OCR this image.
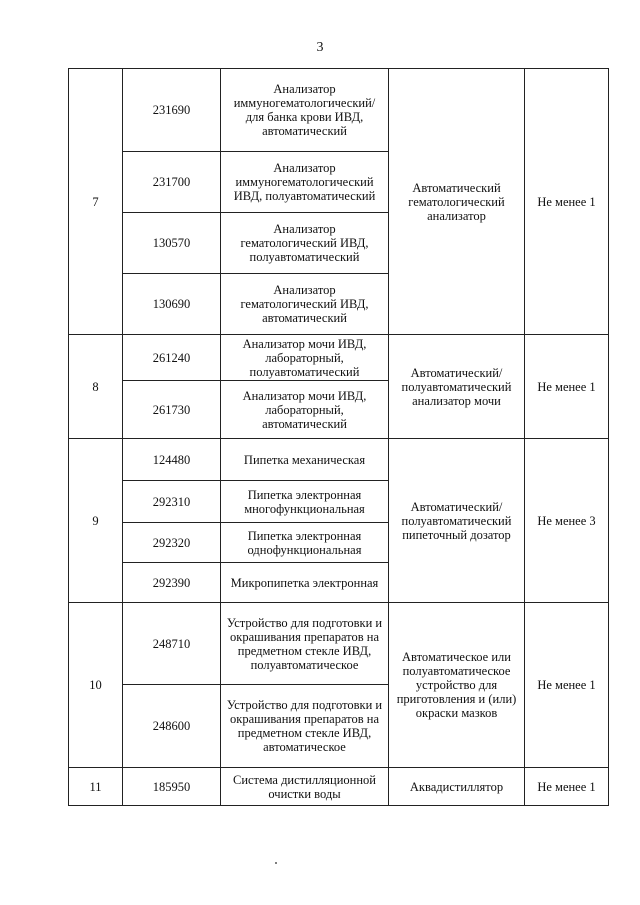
3
7	231690	Анализатор иммуногематологический/ для банка крови ИВД, автоматический	Автоматический гематологический анализатор	Не менее 1
	231700	Анализатор иммуногематологический ИВД, полуавтоматический		
	130570	Анализатор гематологический ИВД, полуавтоматический		
	130690	Анализатор гематологический ИВД, автоматический		
8	261240	Анализатор мочи ИВД, лабораторный, полуавтоматический	Автоматический/ полуавтоматический анализатор мочи	Не менее 1
	261730	Анализатор мочи ИВД, лабораторный, автоматический		
9	124480	Пипетка механическая	Автоматический/ полуавтоматический пипеточный дозатор	Не менее 3
	292310	Пипетка электронная многофункциональная		
	292320	Пипетка электронная однофункциональная		
	292390	Микропипетка электронная		
10	248710	Устройство для подготовки и окрашивания препаратов на предметном стекле ИВД, полуавтоматическое	Автоматическое или полуавтоматическое устройство для приготовления и (или) окраски мазков	Не менее 1
	248600	Устройство для подготовки и окрашивания препаратов на предметном стекле ИВД, автоматическое		
11	185950	Система дистилляционной очистки воды	Аквадистиллятор	Не менее 1
